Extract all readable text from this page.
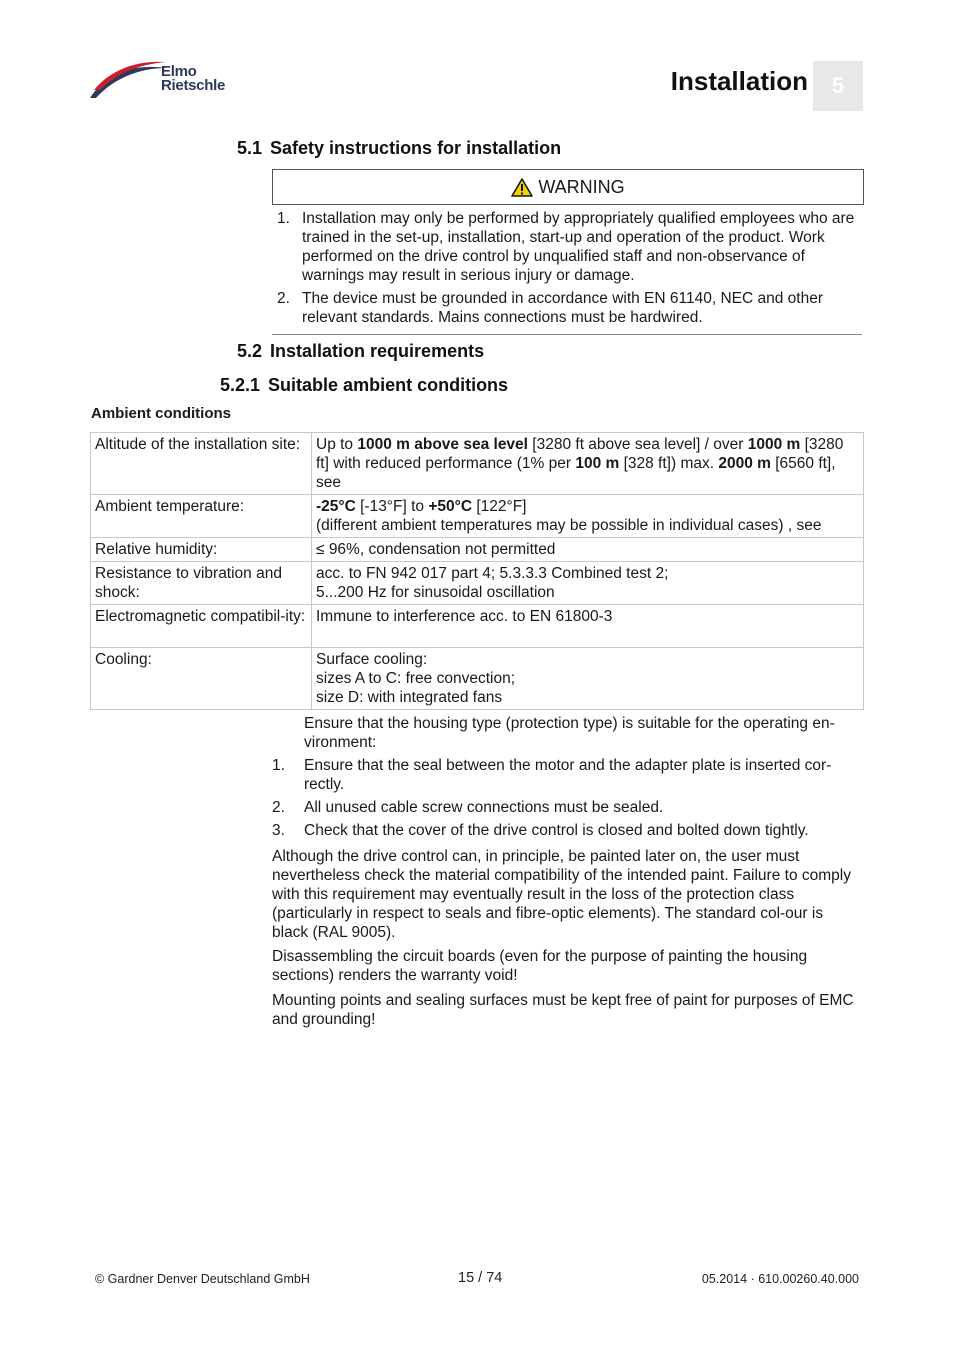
Elmo
Rietschle	Installation	5
5.1 Safety instructions for installation
WARNING
1. Installation may only be performed by appropriately qualified employees who are trained in the set-up, installation, start-up and operation of the product. Work performed on the drive control by unqualified staff and non-observance of warnings may result in serious injury or damage.
2. The device must be grounded in accordance with EN 61140, NEC and other relevant standards. Mains connections must be hardwired.
5.2 Installation requirements
5.2.1 Suitable ambient conditions
Ambient conditions
Altitude of the installation site:	Up to 1000 m above sea level [3280 ft above sea level] / over 1000 m [3280 ft] with reduced performance (1% per 100 m [328 ft]) max. 2000 m [6560 ft], see
Ambient temperature:	-25°C [-13°F] to +50°C [122°F]
(different ambient temperatures may be possible in individual cases) , see
Relative humidity:	≤ 96%, condensation not permitted
Resistance to vibration and shock:	acc. to FN 942 017 part 4; 5.3.3.3 Combined test 2;
5...200 Hz for sinusoidal oscillation
Electromagnetic compatibil-ity:	Immune to interference acc. to EN 61800-3
Cooling:	Surface cooling:
sizes A to C: free convection;
size D: with integrated fans
Ensure that the housing type (protection type) is suitable for the operating en-vironment:
1.	Ensure that the seal between the motor and the adapter plate is inserted cor-rectly.
2.	All unused cable screw connections must be sealed.
3.	Check that the cover of the drive control is closed and bolted down tightly.
Although the drive control can, in principle, be painted later on, the user must nevertheless check the material compatibility of the intended paint. Failure to comply with this requirement may eventually result in the loss of the protection class (particularly in respect to seals and fibre-optic elements). The standard col-our is black (RAL 9005).
Disassembling the circuit boards (even for the purpose of painting the housing sections) renders the warranty void!
Mounting points and sealing surfaces must be kept free of paint for purposes of EMC and grounding!
© Gardner Denver Deutschland GmbH	15 / 74	05.2014 · 610.00260.40.000
